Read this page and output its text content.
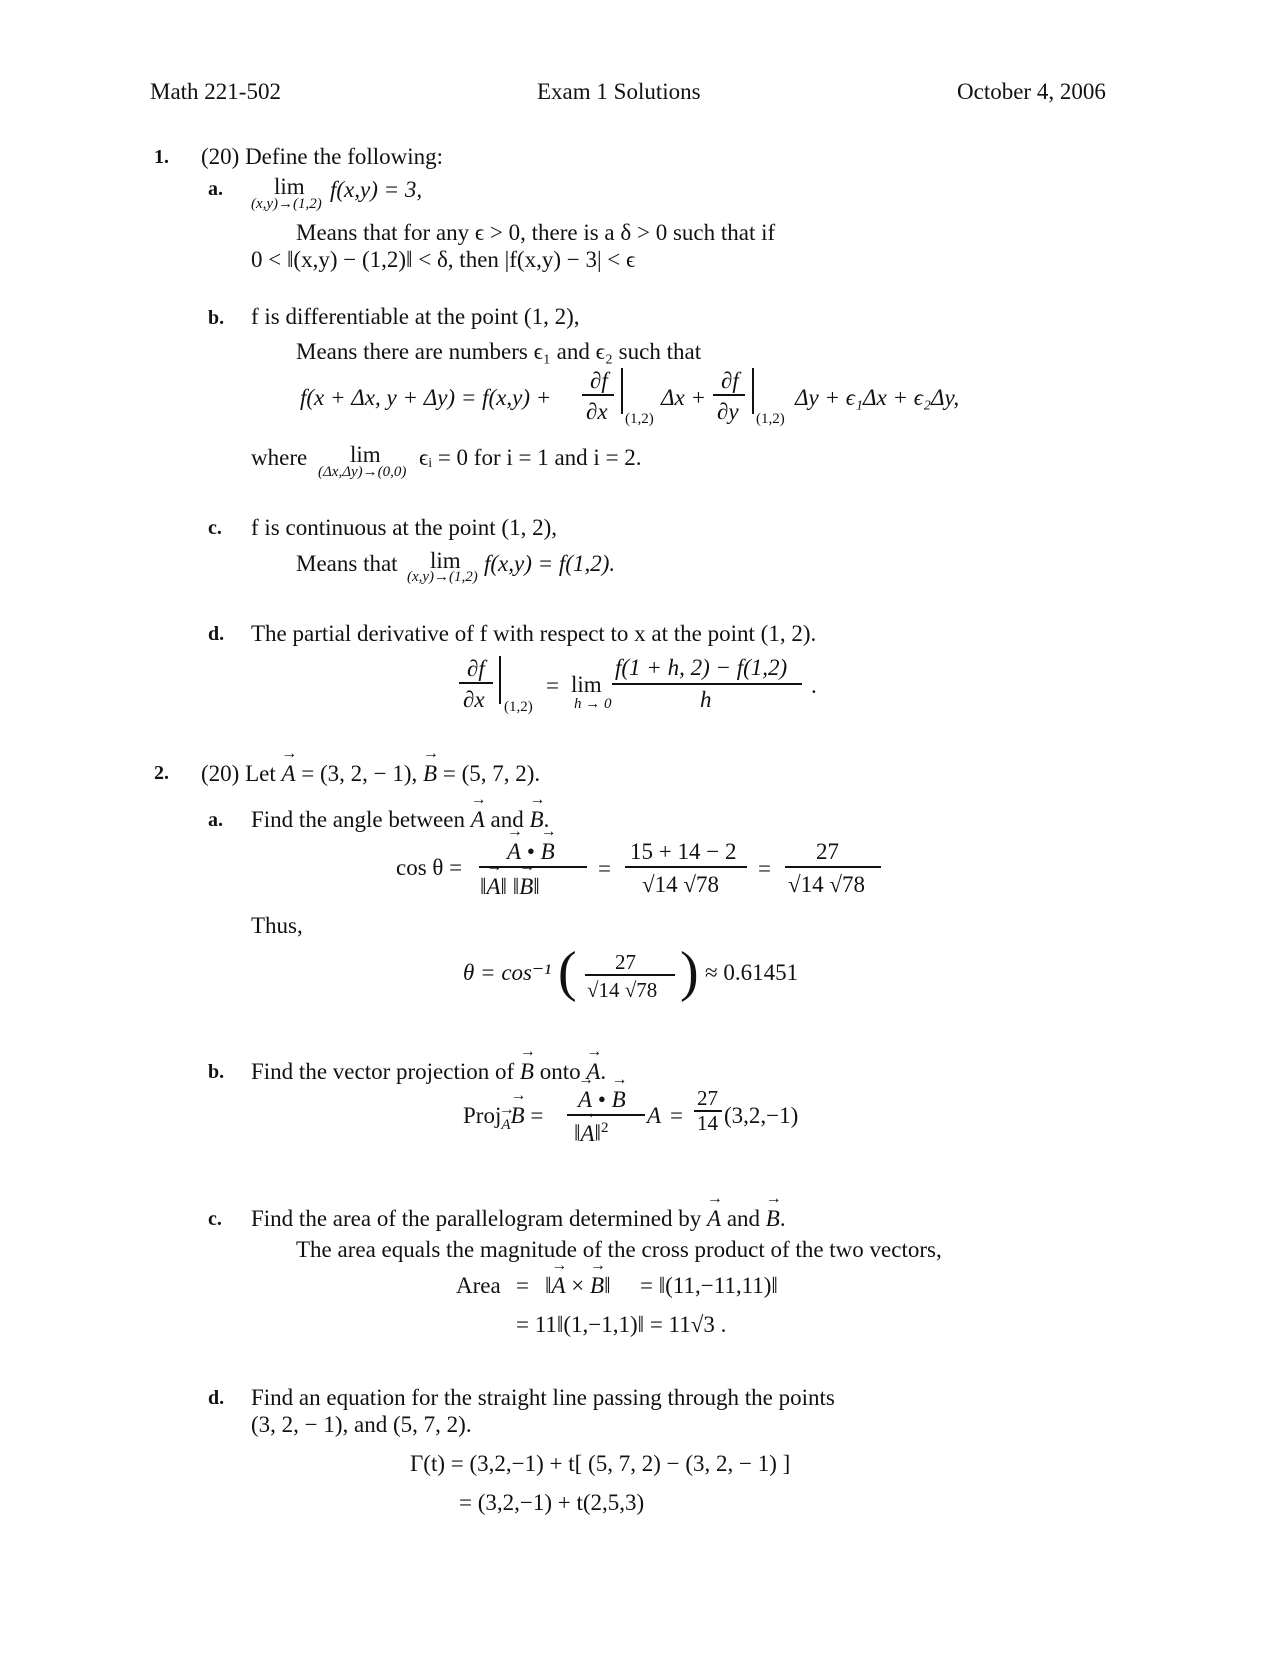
Math 221-502	Exam 1 Solutions	October 4, 2006
1. (20) Define the following:
a. lim
(x,y)→(1,2)
f(x,y) = 3,
Means that for any ϵ > 0, there is a δ > 0 such that if
0 < ‖(x,y) − (1,2)‖ < δ, then |f(x,y) − 3| < ϵ
b. f is differentiable at the point (1, 2),
Means there are numbers ϵ₁ and ϵ₂ such that
f(x + Δx, y + Δy) = f(x,y) +
∂f
∂x (1,2)
Δx +
∂f
∂y (1,2)
Δy + ϵ₁Δx + ϵ₂Δy,
where lim
(Δx,Δy)→(0,0)
ϵᵢ = 0 for i = 1 and i = 2.
c. f is continuous at the point (1, 2),
Means that lim
(x,y)→(1,2)
f(x,y) = f(1,2).
d. The partial derivative of f with respect to x at the point (1, 2).
∂f
∂x (1,2)
= lim
h → 0
f(1 + h, 2) − f(1,2)
h
.
2. (20) Let → A = (3, 2, − 1), → B = (5, 7, 2).
a. Find the angle between → A and → B.
cos θ =
→ A • → B
‖→ A‖ ‖→ B‖
=
15 + 14 − 2
√14 √78
=
27
√14 √78
Thus,
θ = cos⁻¹ ( 27
√14 √78 ) ≈ 0.61451
b. Find the vector projection of → B onto → A.
Proj→ A→ B =
→ A • → B
‖→ A‖$^2$ A =
27
14 (3,2,−1)
c. Find the area of the parallelogram determined by → A and → B.
The area equals the magnitude of the cross product of the two vectors,
Area = ‖→ A × → B‖ = ‖(11,−11,11)‖
= 11‖(1,−1,1)‖ = 11√3 .
d. Find an equation for the straight line passing through the points
(3, 2, − 1), and (5, 7, 2).
Γ(t) = (3,2,−1) + t[ (5, 7, 2) − (3, 2, − 1) ]
= (3,2,−1) + t(2,5,3)
